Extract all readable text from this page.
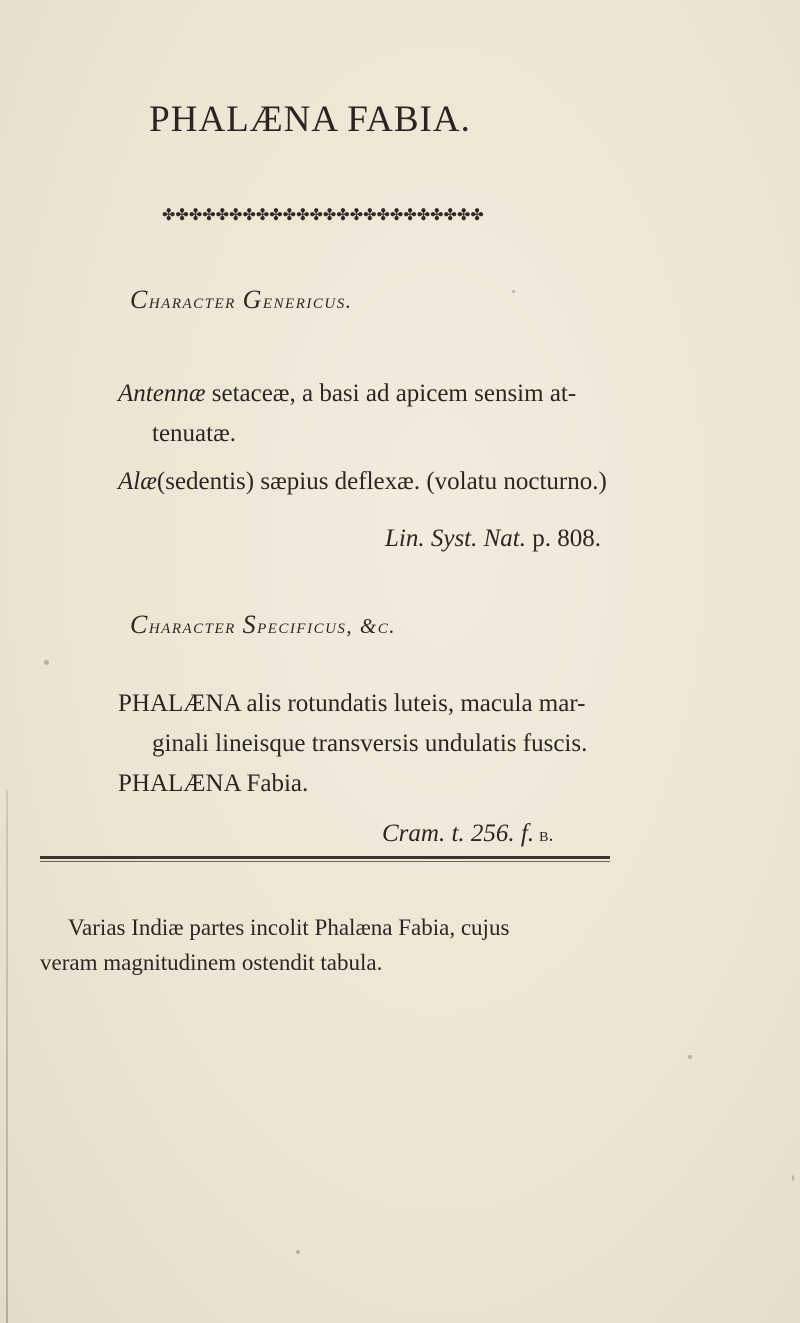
PHALÆNA FABIA.
✤ ✤ ✤ ✤ ✤ ✤ ✤ ✤ ✤ ✤ ✤ ✤ ✤ ✤ ✤ ✤ ✤ ✤ ✤ ✤ ✤ ✤ ✤ ✤
Character Genericus.
Antennæ setaceæ, a basi ad apicem sensim at-
tenuatæ.
Alæ(sedentis) sæpius deflexæ. (volatu nocturno.)
Lin. Syst. Nat. p. 808.
Character Specificus, &c.
PHALÆNA alis rotundatis luteis, macula mar-
ginali lineisque transversis undulatis fuscis.
PHALÆNA Fabia.
Cram. t. 256. f. b.
Varias Indiæ partes incolit Phalæna Fabia, cujus
veram magnitudinem ostendit tabula.
